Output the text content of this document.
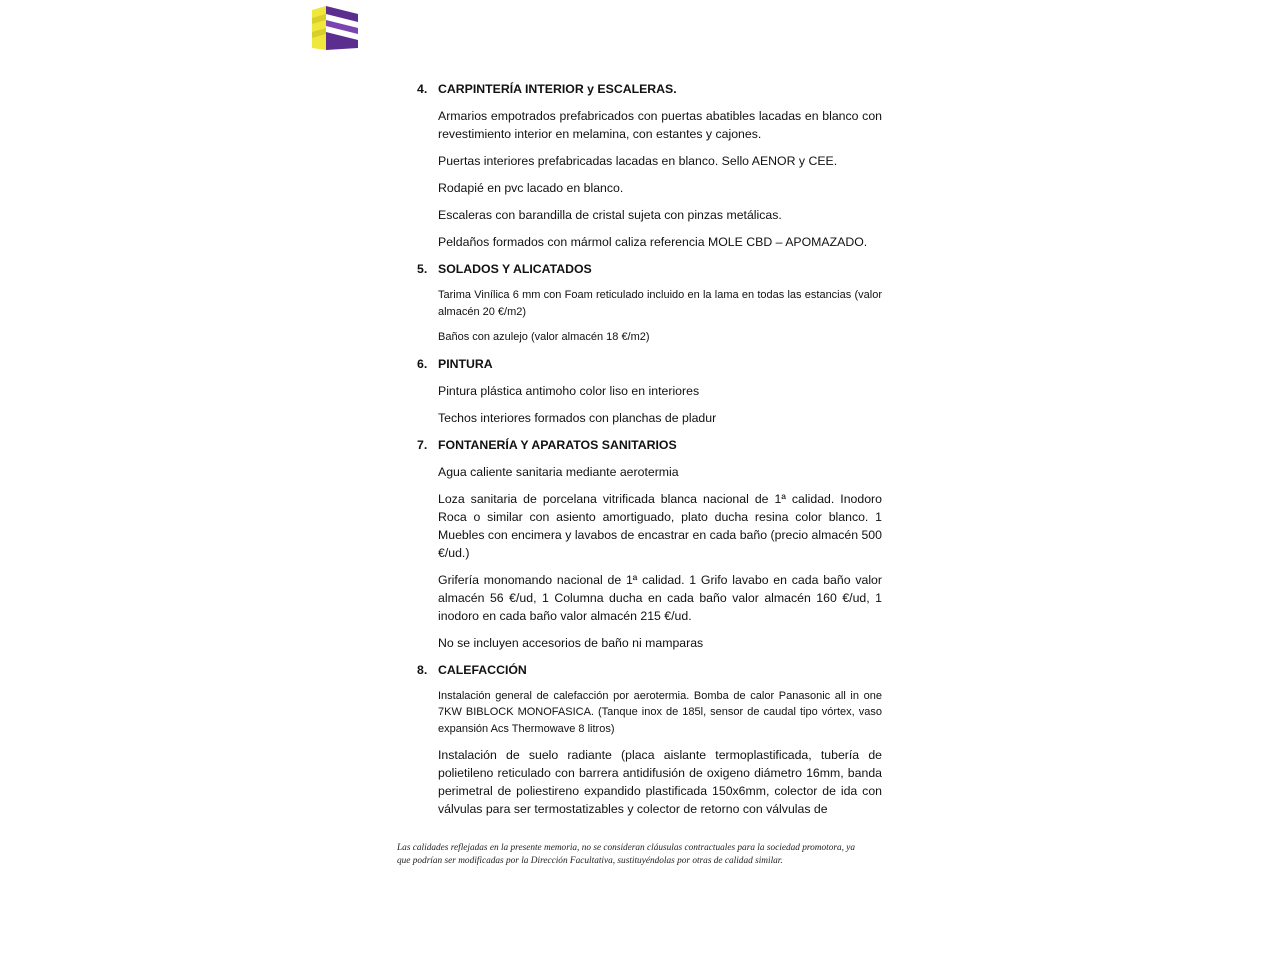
4. CARPINTERÍA INTERIOR y ESCALERAS.

Armarios empotrados prefabricados con puertas abatibles lacadas en blanco con revestimiento interior en melamina, con estantes y cajones.

Puertas interiores prefabricadas lacadas en blanco. Sello AENOR y CEE.

Rodapié en pvc lacado en blanco.

Escaleras con barandilla de cristal sujeta con pinzas metálicas.

Peldaños formados con mármol caliza referencia MOLE CBD – APOMAZADO.

5. SOLADOS Y ALICATADOS

Tarima Vinílica 6 mm con Foam reticulado incluido en la lama en todas las estancias (valor almacén 20 €/m2)

Baños con azulejo (valor almacén 18 €/m2)

6. PINTURA

Pintura plástica antimoho color liso en interiores

Techos interiores formados con planchas de pladur

7. FONTANERÍA Y APARATOS SANITARIOS

Agua caliente sanitaria mediante aerotermia

Loza sanitaria de porcelana vitrificada blanca nacional de 1ª calidad. Inodoro Roca o similar con asiento amortiguado, plato ducha resina color blanco. 1 Muebles con encimera y lavabos de encastrar en cada baño (precio almacén 500 €/ud.)

Grifería monomando nacional de 1ª calidad. 1 Grifo lavabo en cada baño valor almacén 56 €/ud, 1 Columna ducha en cada baño valor almacén 160 €/ud, 1 inodoro en cada baño valor almacén 215 €/ud.

No se incluyen accesorios de baño ni mamparas

8. CALEFACCIÓN

Instalación general de calefacción por aerotermia. Bomba de calor Panasonic all in one 7KW BIBLOCK MONOFASICA. (Tanque inox de 185l, sensor de caudal tipo vórtex, vaso expansión Acs Thermowave 8 litros)

Instalación de suelo radiante (placa aislante termoplastificada, tubería de polietileno reticulado con barrera antidifusión de oxigeno diámetro 16mm, banda perimetral de poliestireno expandido plastificada 150x6mm, colector de ida con válvulas para ser termostatizables y colector de retorno con válvulas de

Las calidades reflejadas en la presente memoria, no se consideran cláusulas contractuales para la sociedad promotora, ya que podrían ser modificadas por la Dirección Facultativa, sustituyéndolas por otras de calidad similar.
